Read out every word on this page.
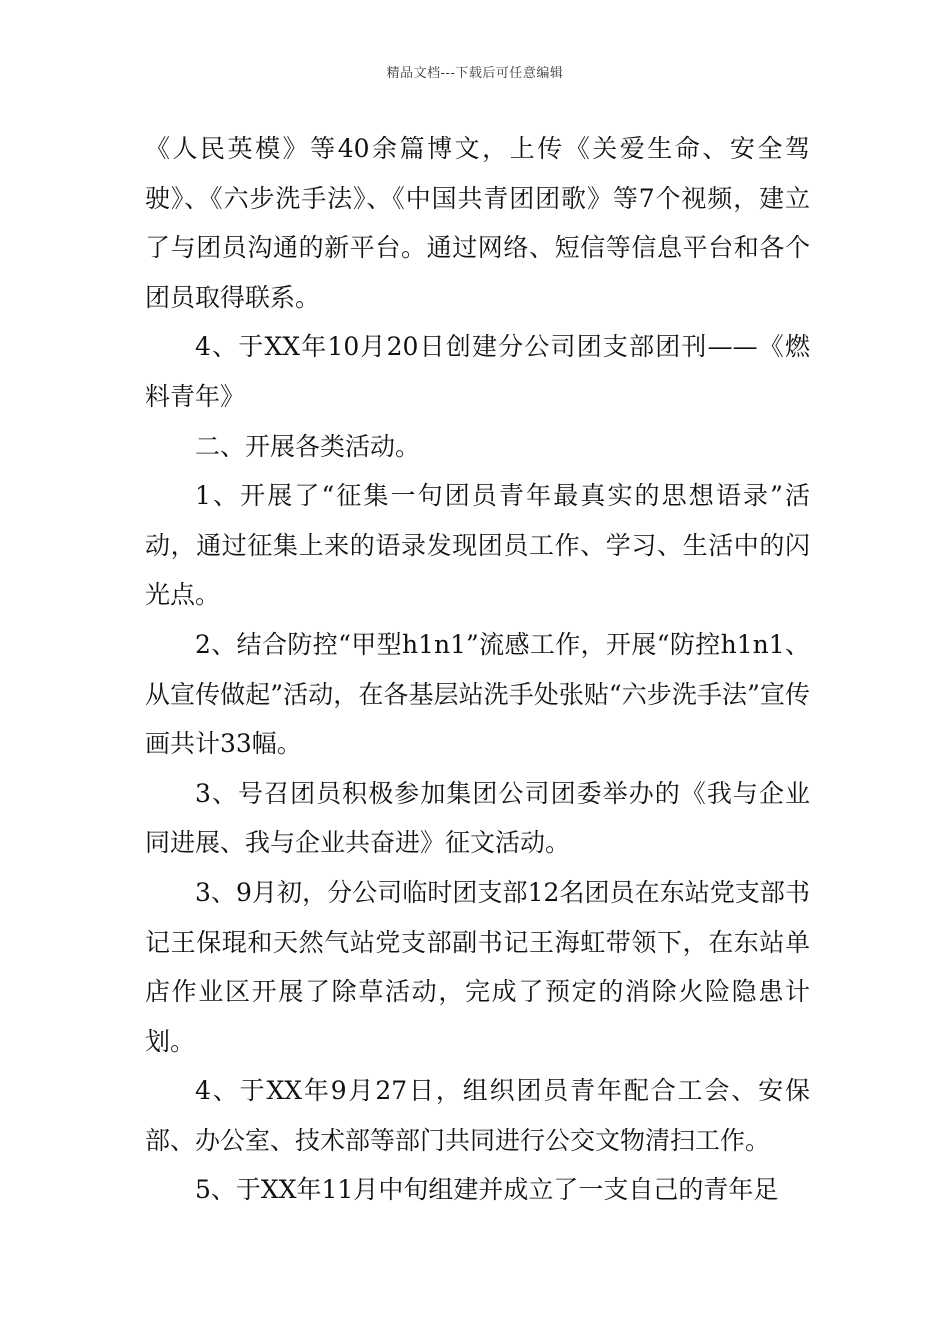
精品文档---下载后可任意编辑

《人民英模》等40余篇博文，上传《关爱生命、安全驾驶》、《六步洗手法》、《中国共青团团歌》等7个视频，建立了与团员沟通的新平台。通过网络、短信等信息平台和各个团员取得联系。

4、于XX年10月20日创建分公司团支部团刊——《燃料青年》

二、开展各类活动。

1、开展了“征集一句团员青年最真实的思想语录”活动，通过征集上来的语录发现团员工作、学习、生活中的闪光点。

2、结合防控“甲型h1n1”流感工作，开展“防控h1n1、从宣传做起”活动，在各基层站洗手处张贴“六步洗手法”宣传画共计33幅。

3、号召团员积极参加集团公司团委举办的《我与企业同进展、我与企业共奋进》征文活动。

3、9月初，分公司临时团支部12名团员在东站党支部书记王保琨和天然气站党支部副书记王海虹带领下，在东站单店作业区开展了除草活动，完成了预定的消除火险隐患计划。

4、于XX年9月27日，组织团员青年配合工会、安保部、办公室、技术部等部门共同进行公交文物清扫工作。

5、于XX年11月中旬组建并成立了一支自己的青年足
